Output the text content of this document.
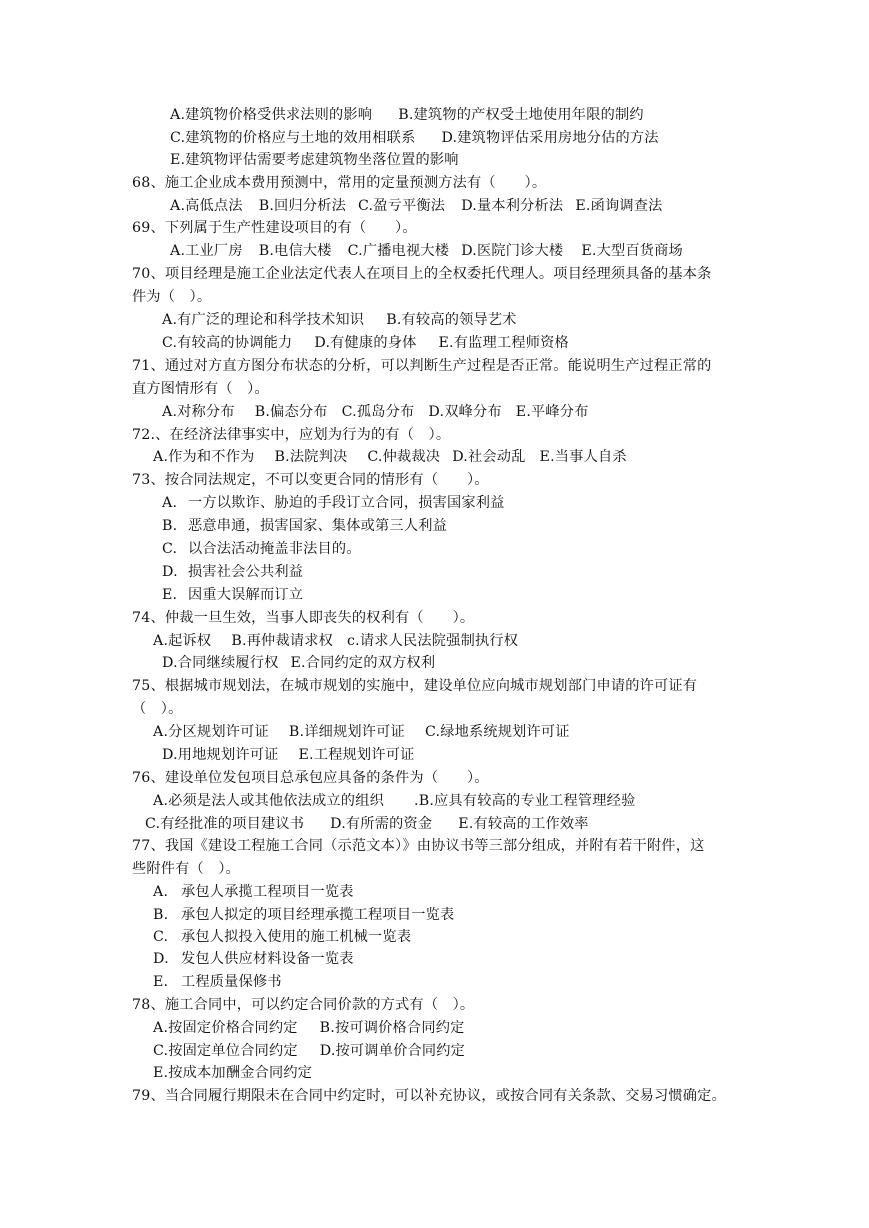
A.建筑物价格受供求法则的影响 B.建筑物的产权受土地使用年限的制约
C.建筑物的价格应与土地的效用相联系 D.建筑物评估采用房地分估的方法
E.建筑物评估需要考虑建筑物坐落位置的影响
68、施工企业成本费用预测中，常用的定量预测方法有（　　）。
A.高低点法 B.回归分析法 C.盈亏平衡法 D.量本利分析法 E.函询调查法
69、下列属于生产性建设项目的有（　　）。
A.工业厂房 B.电信大楼 C.广播电视大楼 D.医院门诊大楼 E.大型百货商场
70、项目经理是施工企业法定代表人在项目上的全权委托代理人。项目经理须具备的基本条
件为（　）。
A.有广泛的理论和科学技术知识 B.有较高的领导艺术
C.有较高的协调能力 D.有健康的身体 E.有监理工程师资格
71、通过对方直方图分布状态的分析，可以判断生产过程是否正常。能说明生产过程正常的
直方图情形有（　）。
A.对称分布 B.偏态分布 C.孤岛分布 D.双峰分布 E.平峰分布
72.、在经济法律事实中，应划为行为的有（　）。
A.作为和不作为 B.法院判决 C.仲裁裁决 D.社会动乱 E.当事人自杀
73、按合同法规定，不可以变更合同的情形有（　　）。
A. 一方以欺诈、胁迫的手段订立合同，损害国家利益
B. 恶意串通，损害国家、集体或第三人利益
C. 以合法活动掩盖非法目的。
D. 损害社会公共利益
E. 因重大误解而订立
74、仲裁一旦生效，当事人即丧失的权利有（　　）。
A.起诉权 B.再仲裁请求权 c.请求人民法院强制执行权
D.合同继续履行权 E.合同约定的双方权利
75、根据城市规划法，在城市规划的实施中，建设单位应向城市规划部门申请的许可证有
（　）。
A.分区规划许可证 B.详细规划许可证 C.绿地系统规划许可证
D.用地规划许可证 E.工程规划许可证
76、建设单位发包项目总承包应具备的条件为（　　）。
A.必须是法人或其他依法成立的组织 .B.应具有较高的专业工程管理经验
C.有经批准的项目建议书 D.有所需的资金 E.有较高的工作效率
77、我国《建设工程施工合同（示范文本）》由协议书等三部分组成，并附有若干附件，这
些附件有（　）。
A. 承包人承揽工程项目一览表
B. 承包人拟定的项目经理承揽工程项目一览表
C. 承包人拟投入使用的施工机械一览表
D. 发包人供应材料设备一览表
E. 工程质量保修书
78、施工合同中，可以约定合同价款的方式有（　）。
A.按固定价格合同约定 B.按可调价格合同约定
C.按固定单位合同约定 D.按可调单价合同约定
E.按成本加酬金合同约定
79、当合同履行期限未在合同中约定时，可以补充协议，或按合同有关条款、交易习惯确定。
